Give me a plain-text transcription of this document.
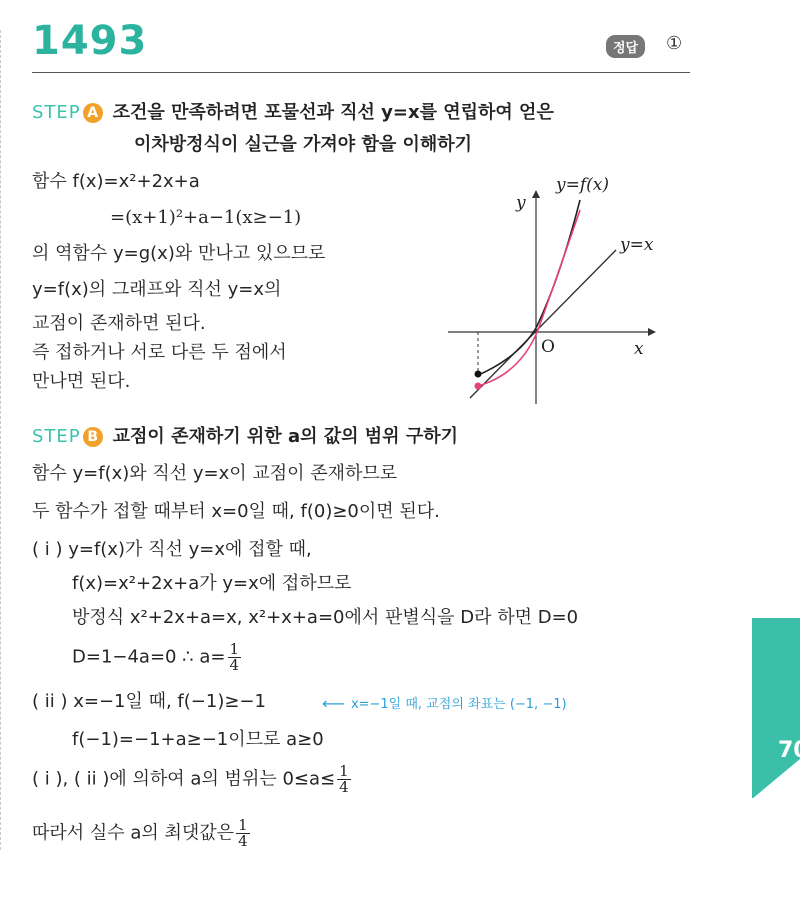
1493	정답	①
STEP A 조건을 만족하려면 포물선과 직선 y=x를 연립하여 얻은
이차방정식이 실근을 가져야 함을 이해하기
함수 f(x)=x²+2x+a
=(x+1)²+a−1(x≥−1)
의 역함수 y=g(x)와 만나고 있으므로
y=f(x)의 그래프와 직선 y=x의
교점이 존재하면 된다.
즉 접하거나 서로 다른 두 점에서
만나면 된다.
y=f(x)
y=x
y
x
O
STEP B 교점이 존재하기 위한 a의 값의 범위 구하기
함수 y=f(x)와 직선 y=x이 교점이 존재하므로
두 함수가 접할 때부터 x=0일 때, f(0)≥0이면 된다.
( i ) y=f(x)가 직선 y=x에 접할 때,
f(x)=x²+2x+a가 y=x에 접하므로
방정식 x²+2x+a=x, x²+x+a=0에서 판별식을 D라 하면 D=0
D=1−4a=0 ∴ $a= \frac{1}{4}$
( ii ) x=−1일 때, f(−1)≥−1	⟵ x=−1일 때, 교점의 좌표는 (−1, −1)
f(−1)=−1+a≥−1이므로 a≥0
( i ), ( ii )에 의하여 a의 범위는 $0\le a\le \frac{1}{4}$
따라서 실수 a의 최댓값은 $\frac{1}{4}$
70
